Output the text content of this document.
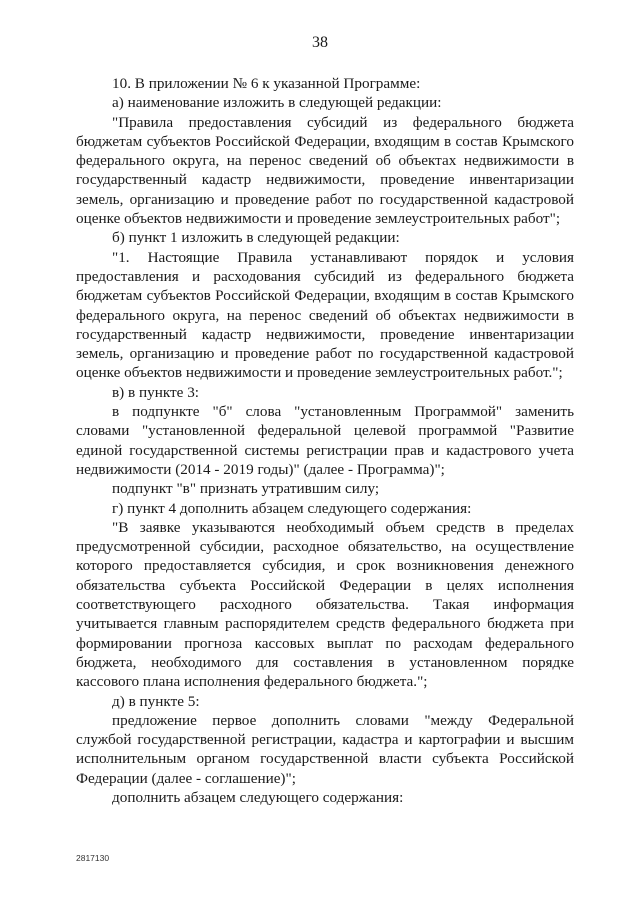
38

10. В приложении № 6 к указанной Программе:

а) наименование изложить в следующей редакции:

"Правила предоставления субсидий из федерального бюджета бюджетам субъектов Российской Федерации, входящим в состав Крымского федерального округа, на перенос сведений об объектах недвижимости в государственный кадастр недвижимости, проведение инвентаризации земель, организацию и проведение работ по государственной кадастровой оценке объектов недвижимости и проведение землеустроительных работ";

б) пункт 1 изложить в следующей редакции:

"1. Настоящие Правила устанавливают порядок и условия предоставления и расходования субсидий из федерального бюджета бюджетам субъектов Российской Федерации, входящим в состав Крымского федерального округа, на перенос сведений об объектах недвижимости в государственный кадастр недвижимости, проведение инвентаризации земель, организацию и проведение работ по государственной кадастровой оценке объектов недвижимости и проведение землеустроительных работ.";

в) в пункте 3:

в подпункте "б" слова "установленным Программой" заменить словами "установленной федеральной целевой программой "Развитие единой государственной системы регистрации прав и кадастрового учета недвижимости (2014 - 2019 годы)" (далее - Программа)";

подпункт "в" признать утратившим силу;

г) пункт 4 дополнить абзацем следующего содержания:

"В заявке указываются необходимый объем средств в пределах предусмотренной субсидии, расходное обязательство, на осуществление которого предоставляется субсидия, и срок возникновения денежного обязательства субъекта Российской Федерации в целях исполнения соответствующего расходного обязательства. Такая информация учитывается главным распорядителем средств федерального бюджета при формировании прогноза кассовых выплат по расходам федерального бюджета, необходимого для составления в установленном порядке кассового плана исполнения федерального бюджета.";

д) в пункте 5:

предложение первое дополнить словами "между Федеральной службой государственной регистрации, кадастра и картографии и высшим исполнительным органом государственной власти субъекта Российской Федерации (далее - соглашение)";

дополнить абзацем следующего содержания:

2817130
